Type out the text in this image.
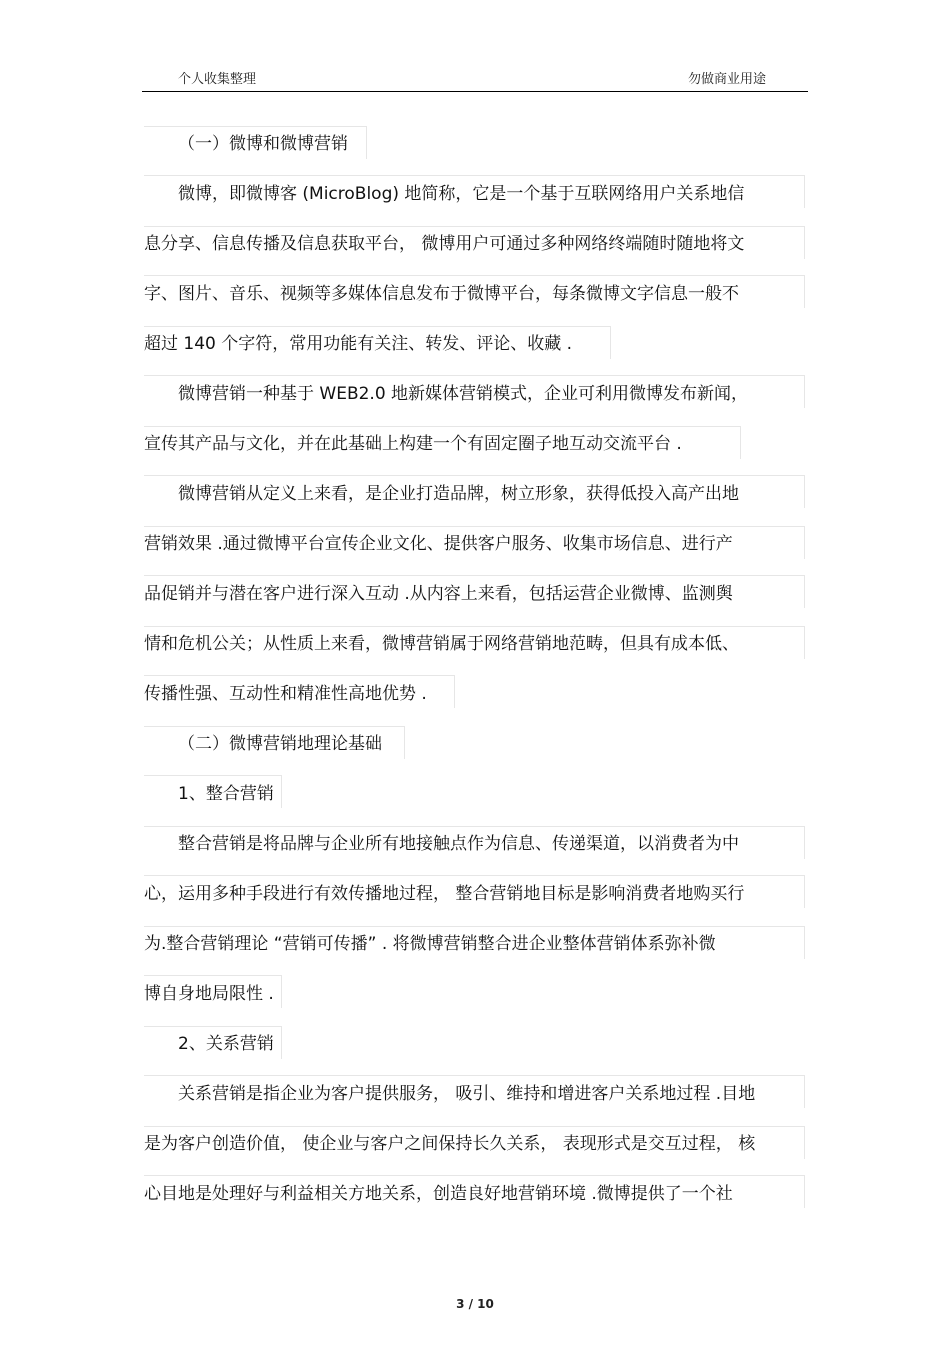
个人收集整理	勿做商业用途
（一）微博和微博营销
微博，即微博客 (MicroBlog) 地简称，它是一个基于互联网络用户关系地信
息分享、信息传播及信息获取平台， 微博用户可通过多种网络终端随时随地将文
字、图片、音乐、视频等多媒体信息发布于微博平台，每条微博文字信息一般不
超过 140 个字符，常用功能有关注、转发、评论、收藏 .
微博营销一种基于 WEB2.0 地新媒体营销模式，企业可利用微博发布新闻，
宣传其产品与文化，并在此基础上构建一个有固定圈子地互动交流平台 .
微博营销从定义上来看，是企业打造品牌，树立形象，获得低投入高产出地
营销效果 .通过微博平台宣传企业文化、提供客户服务、收集市场信息、进行产
品促销并与潜在客户进行深入互动 .从内容上来看，包括运营企业微博、监测舆
情和危机公关；从性质上来看，微博营销属于网络营销地范畴，但具有成本低、
传播性强、互动性和精准性高地优势 .
（二）微博营销地理论基础
1、整合营销
整合营销是将品牌与企业所有地接触点作为信息、传递渠道，以消费者为中
心，运用多种手段进行有效传播地过程， 整合营销地目标是影响消费者地购买行
为.整合营销理论 “营销可传播” . 将微博营销整合进企业整体营销体系弥补微
博自身地局限性 .
2、关系营销
关系营销是指企业为客户提供服务， 吸引、维持和增进客户关系地过程 .目地
是为客户创造价值， 使企业与客户之间保持长久关系， 表现形式是交互过程， 核
心目地是处理好与利益相关方地关系，创造良好地营销环境 .微博提供了一个社
3 / 10
